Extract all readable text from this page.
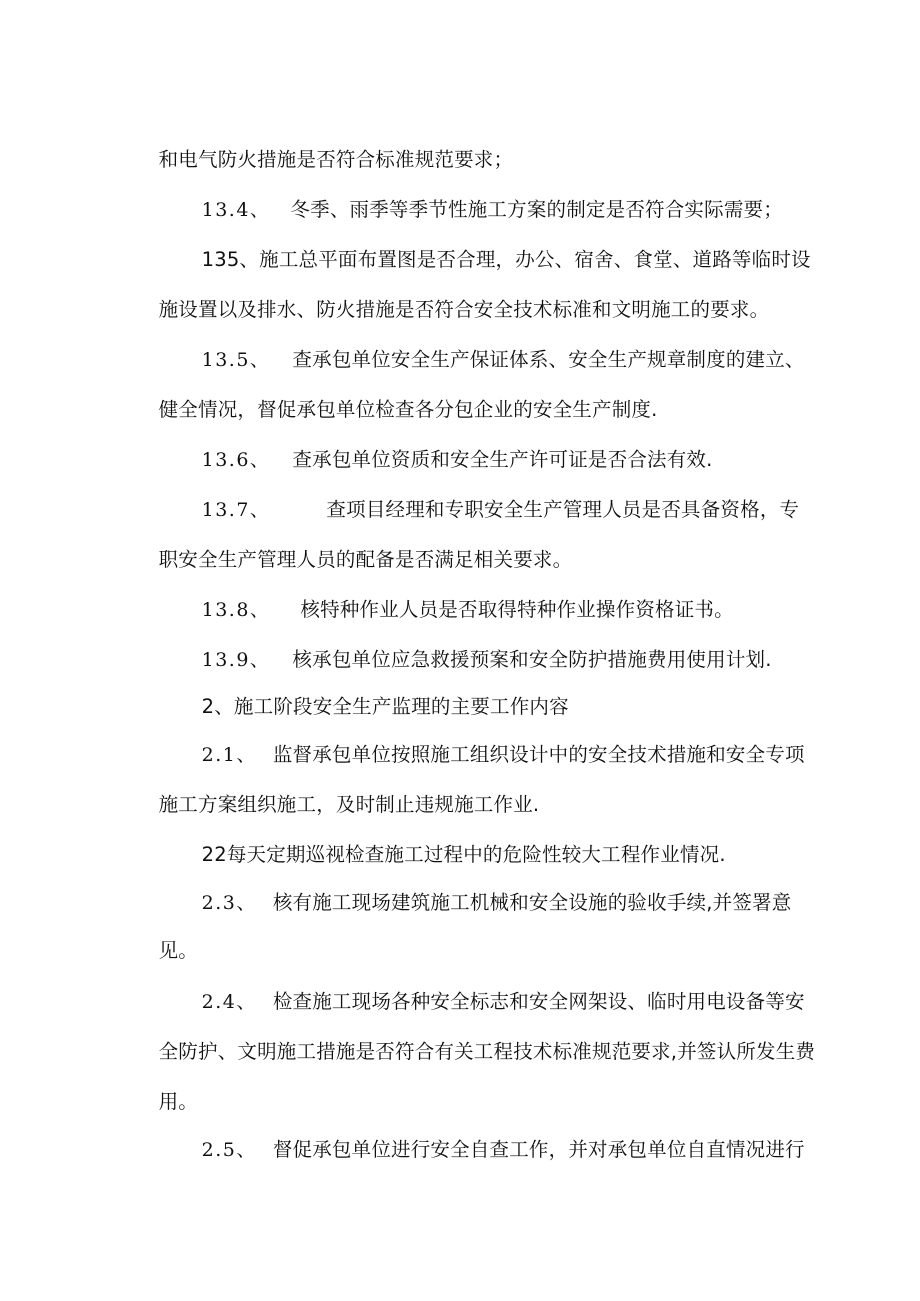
和电气防火措施是否符合标准规范要求；

13.4、 冬季、雨季等季节性施工方案的制定是否符合实际需要；

135、施工总平面布置图是否合理，办公、宿舍、食堂、道路等临时设

施设置以及排水、防火措施是否符合安全技术标准和文明施工的要求。

13.5、 查承包单位安全生产保证体系、安全生产规章制度的建立、

健全情况，督促承包单位检查各分包企业的安全生产制度.

13.6、 查承包单位资质和安全生产许可证是否合法有效.

13.7、	查项目经理和专职安全生产管理人员是否具备资格，专

职安全生产管理人员的配备是否满足相关要求。

13.8、 核特种作业人员是否取得特种作业操作资格证书。

13.9、 核承包单位应急救援预案和安全防护措施费用使用计划.

2、施工阶段安全生产监理的主要工作内容

2.1、 监督承包单位按照施工组织设计中的安全技术措施和安全专项

施工方案组织施工，及时制止违规施工作业.

22每天定期巡视检查施工过程中的危险性较大工程作业情况.

2.3、 核有施工现场建筑施工机械和安全设施的验收手续,并签署意

见。

2.4、 检查施工现场各种安全标志和安全网架设、临时用电设备等安

全防护、文明施工措施是否符合有关工程技术标准规范要求,并签认所发生费

用。

2.5、 督促承包单位进行安全自查工作，并对承包单位自直情况进行
